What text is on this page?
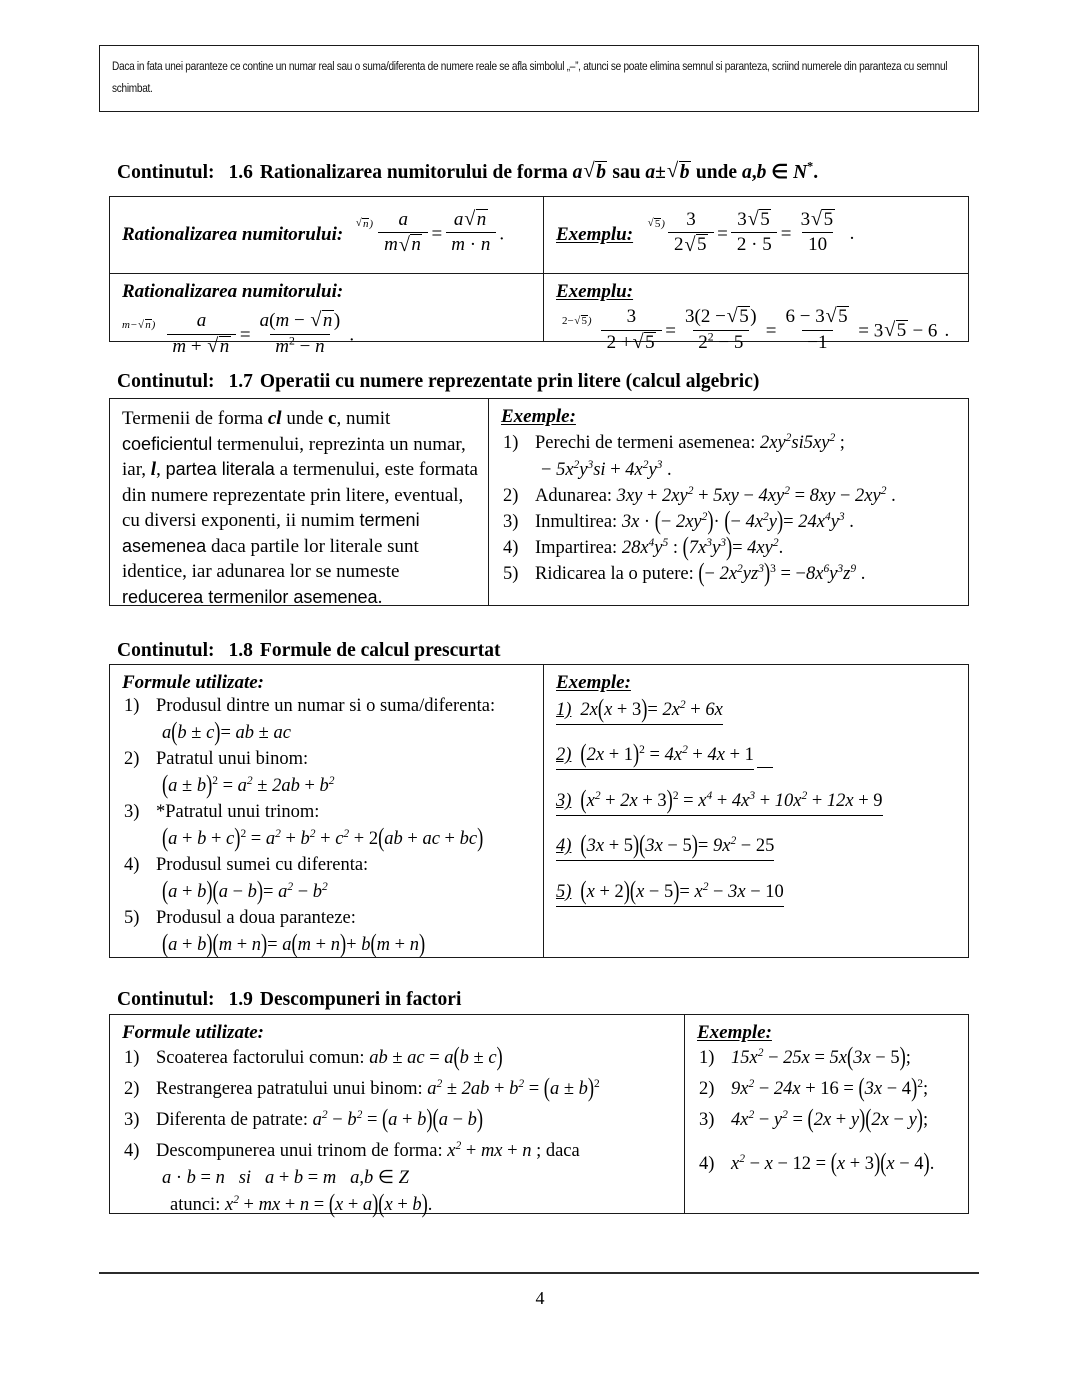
Daca in fata unei paranteze ce contine un numar real sau o suma/diferenta de numere reale se afla simbolul „–”, atunci se poate elimina semnul si paranteza, scriind numerele din paranteza cu semnul schimbat.
Continutul: 1.6 Rationalizarea numitorului de forma a √ b sau a± √ b unde a,b ∈ N*.
Rationalizarea numitorului:	√ $n) \frac{a}{m √ n} = \frac{a √ n}{m \cdot n}$ .
Rationalizarea numitorului:
m− √ $n) \frac{a}{m + √ n} = \frac{a(m - √ n)}{m^2 - n}$ .
Exemplu:	√ $5) \frac{3}{2 √ 5} = \frac{3 √ 5}{2 \cdot 5} = \frac{3 √ 5}{10}$ .
Exemplu:
2− √ $5) \frac{3}{2 + √ 5} = \frac{3(2 - √ 5)}{2^2 - 5} = \frac{6 - 3 √ 5}{-1} = 3$ √ 5 − 6 .
Continutul: 1.7 Operatii cu numere reprezentate prin litere (calcul algebric)
Termenii de forma cl unde c, numit coeficientul termenului, reprezinta un numar, iar, l, partea literala a termenului, este formata din numere reprezentate prin litere, eventual, cu diversi exponenti, ii numim termeni asemenea daca partile lor literale sunt identice, iar adunarea lor se numeste reducerea termenilor asemenea.
Exemple:
1) Perechi de termeni asemenea: $2xy^2si5xy^2$ ;
− $5x^2y^3si + 4x^2y^3$ .
2) Adunarea: $3xy + 2xy^2 + 5xy - 4xy^2 = 8xy - 2xy^2$ .
3) Inmultirea: 3x · (− $2xy^2)\cdot$ (− $4x^2y)= 24x^4y^3$ .
4) Impartirea: $28x^4y^5$ : $(7x^3y^3)= 4xy^2$.
5) Ridicarea la o putere: (− $2x^2yz^3)^3 = -8x^6y^3z^9$ .
Continutul: 1.8 Formule de calcul prescurtat
Formule utilizate:
1) Produsul dintre un numar si o suma/diferenta:
a(b ± c)= ab ± ac
2) Patratul unui binom:
$(a \pm b)^2 = a^2 \pm 2ab + b^2$
3) *Patratul unui trinom:
$(a + b + c)^2 = a^2 + b^2 + c^2 + 2(ab$ + ac + bc)
4) Produsul sumei cu diferenta:
$(a + b)(a - b)= a^2 - b^2$
5) Produsul a doua paranteze:
(a + b)(m + n)= a(m + n)+ b(m + n)
Exemple:
1) $2x(x + 3)= 2x^2 + 6x$
2) $(2x + 1)^2 = 4x^2 + 4x + 1$
3) $(x^2 + 2x + 3)^2 = x^4 + 4x^3 + 10x^2 + 12x + 9$
4) $(3x + 5)(3x - 5)= 9x^2 - 25$
5) $(x + 2)(x - 5)= x^2 - 3x - 10$
Continutul: 1.9 Descompuneri in factori
Formule utilizate:
1) Scoaterea factorului comun: ab ± ac = a(b ± c)
2) Restrangerea patratului unui binom: $a^2 \pm 2ab + b^2 = (a \pm b)^2$
3) Diferenta de patrate: $a^2 - b^2 = (a + b)(a - b)$
4) Descompunerea unui trinom de forma: $x^2$ + mx + n ; daca
a · b = n si a + b = m a,b ∈ Z
atunci: $x^2$ + mx + n = (x + a)(x + b).
Exemple:
1) $15x^2 - 25x = 5x(3x - 5)$;
2) $9x^2 - 24x + 16 = (3x - 4)^2$;
3) $4x^2 - y^2 = (2x + y)(2x - y)$;
4) $x^2 - x - 12 = (x + 3)(x - 4)$.
4
